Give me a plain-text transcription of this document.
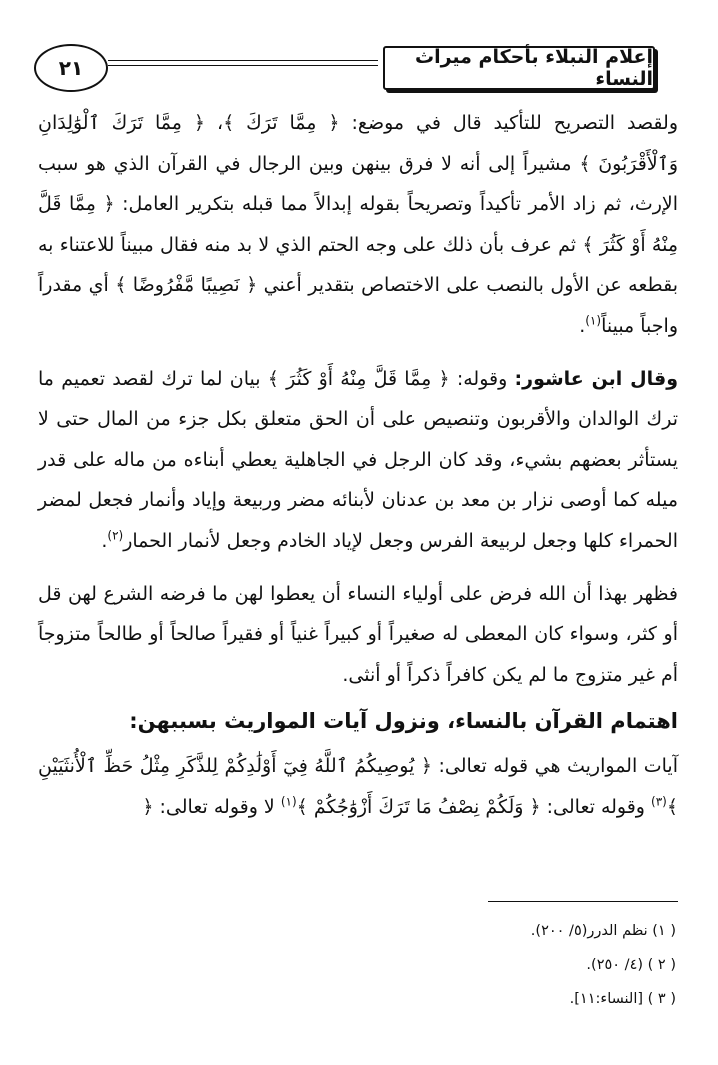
٢١	إعلام النبلاء بأحكام ميراث النساء

ولقصد التصريح للتأكيد قال في موضع: ﴿ مِمَّا تَرَكَ ﴾، ﴿ مِمَّا تَرَكَ ٱلْوَٰلِدَانِ وَٱلْأَقْرَبُونَ ﴾ مشيراً إلى أنه لا فرق بينهن وبين الرجال في القرآن الذي هو سبب الإرث، ثم زاد الأمر تأكيداً وتصريحاً بقوله إبدالاً مما قبله بتكرير العامل: ﴿ مِمَّا قَلَّ مِنْهُ أَوْ كَثُرَ ﴾ ثم عرف بأن ذلك على وجه الحتم الذي لا بد منه فقال مبيناً للاعتناء به بقطعه عن الأول بالنصب على الاختصاص بتقدير أعني ﴿ نَصِيبًا مَّفْرُوضًا ﴾ أي مقدراً واجباً مبيناً$^{(١)}$.

وقال ابن عاشور: وقوله: ﴿ مِمَّا قَلَّ مِنْهُ أَوْ كَثُرَ ﴾ بيان لما ترك لقصد تعميم ما ترك الوالدان والأقربون وتنصيص على أن الحق متعلق بكل جزء من المال حتى لا يستأثر بعضهم بشيء، وقد كان الرجل في الجاهلية يعطي أبناءه من ماله على قدر ميله كما أوصى نزار بن معد بن عدنان لأبنائه مضر وربيعة وإياد وأنمار فجعل لمضر الحمراء كلها وجعل لربيعة الفرس وجعل لإياد الخادم وجعل لأنمار الحمار$^{(٢)}$.

فظهر بهذا أن الله فرض على أولياء النساء أن يعطوا لهن ما فرضه الشرع لهن قل أو كثر، وسواء كان المعطى له صغيراً أو كبيراً غنياً أو فقيراً صالحاً أو طالحاً متزوجاً أم غير متزوج ما لم يكن كافراً ذكراً أو أنثى.

اهتمام القرآن بالنساء، ونزول آيات المواريث بسببهن:

آيات المواريث هي قوله تعالى: ﴿ يُوصِيكُمُ ٱللَّهُ فِيٓ أَوْلَٰدِكُمْ لِلذَّكَرِ مِثْلُ حَظِّ ٱلْأُنثَيَيْنِ ﴾$^{(٣)}$ وقوله تعالى: ﴿ وَلَكُمْ نِصْفُ مَا تَرَكَ أَزْوَٰجُكُمْ ﴾$^{(١)}$ لا وقوله تعالى: ﴿

( ١) نظم الدرر(٥/ ٢٠٠).
( ٢ ) (٤/ ٢٥٠).
( ٣ ) [النساء:١١].
